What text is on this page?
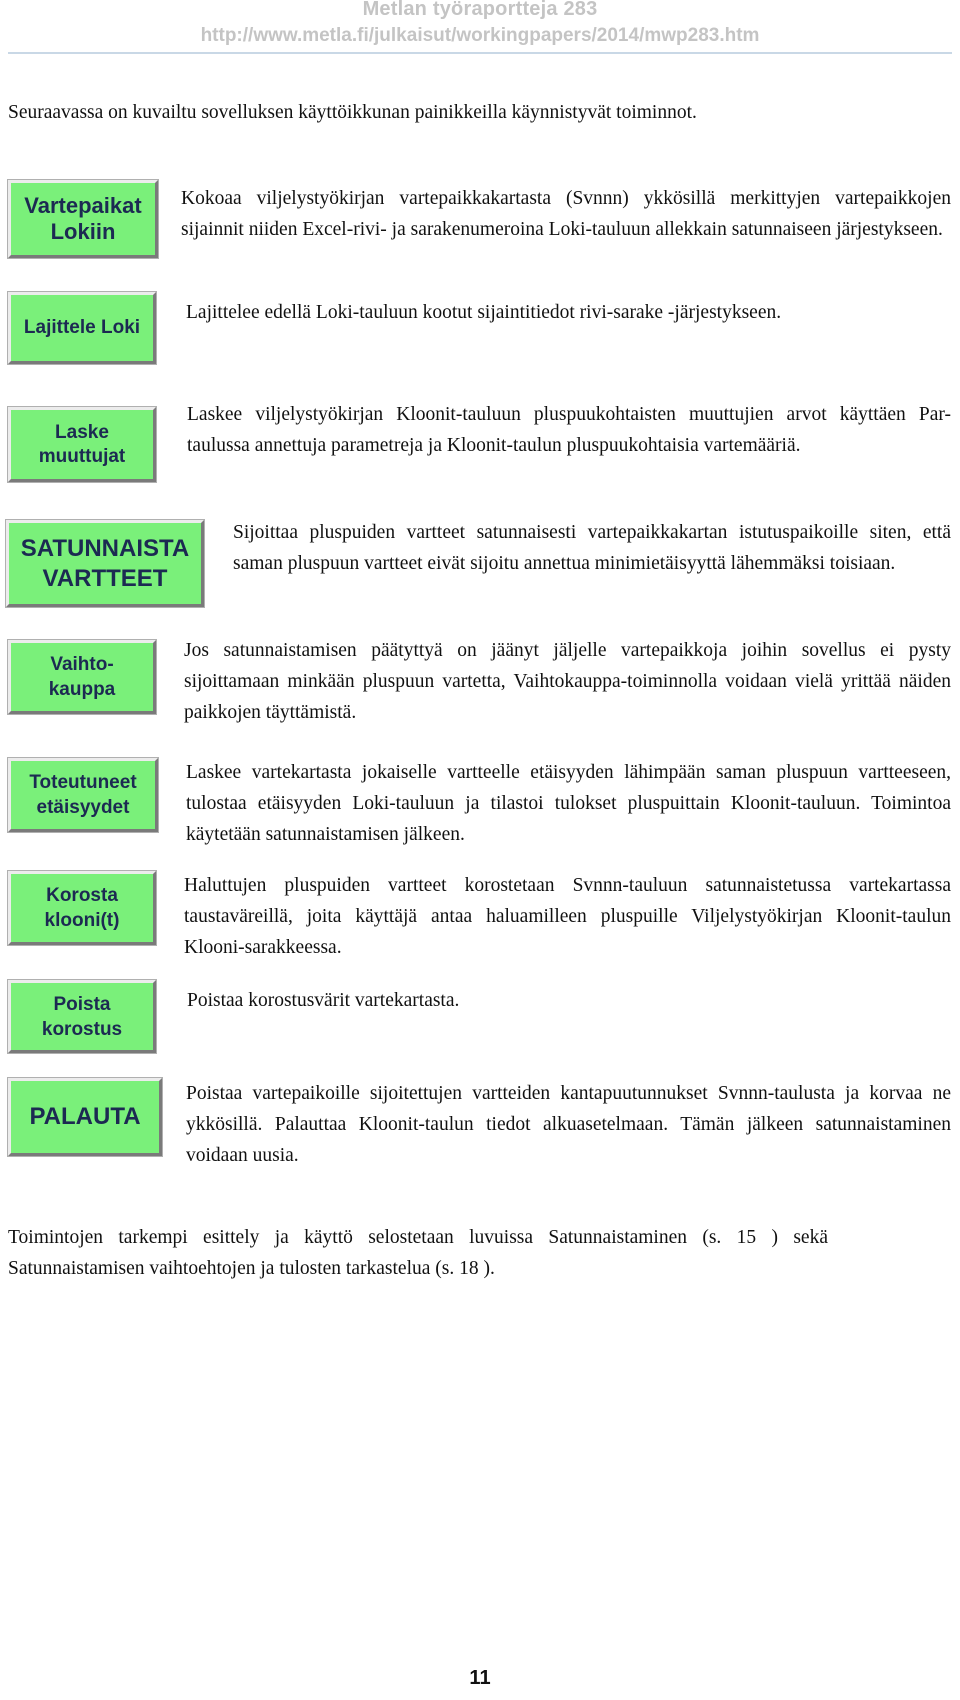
Metlan työraportteja 283
http://www.metla.fi/julkaisut/workingpapers/2014/mwp283.htm

Seuraavassa on kuvailtu sovelluksen käyttöikkunan painikkeilla käynnistyvät toiminnot.

Vartepaikat
Lokiin

Kokoaa viljelystyökirjan vartepaikkakartasta (Svnnn) ykkösillä merkittyjen vartepaikkojen sijainnit niiden Excel-rivi- ja sarakenumeroina Loki-tauluun allekkain satunnaiseen järjestykseen.

Lajittele Loki

Lajittelee edellä Loki-tauluun kootut sijaintitiedot rivi-sarake -järjestykseen.

Laske
muuttujat

Laskee viljelystyökirjan Kloonit-tauluun pluspuukohtaisten muuttujien arvot käyttäen Par-taulussa annettuja parametreja ja Kloonit-taulun pluspuukohtaisia vartemääriä.

SATUNNAISTA
VARTTEET

Sijoittaa pluspuiden vartteet satunnaisesti vartepaikkakartan istutuspaikoille siten, että saman pluspuun vartteet eivät sijoitu annettua minimietäisyyttä lähemmäksi toisiaan.

Vaihto-
kauppa

Jos satunnaistamisen päätyttyä on jäänyt jäljelle vartepaikkoja joihin sovellus ei pysty sijoittamaan minkään pluspuun vartetta, Vaihtokauppa-toiminnolla voidaan vielä yrittää näiden paikkojen täyttämistä.

Toteutuneet
etäisyydet

Laskee vartekartasta jokaiselle vartteelle etäisyyden lähimpään saman pluspuun vartteeseen, tulostaa etäisyyden Loki-tauluun ja tilastoi tulokset pluspuittain Kloonit-tauluun. Toimintoa käytetään satunnaistamisen jälkeen.

Korosta
klooni(t)

Haluttujen pluspuiden vartteet korostetaan Svnnn-tauluun satunnaistetussa vartekartassa taustaväreillä, joita käyttäjä antaa haluamilleen pluspuille Viljelystyökirjan Kloonit-taulun Klooni-sarakkeessa.

Poista
korostus

Poistaa korostusvärit vartekartasta.

PALAUTA

Poistaa vartepaikoille sijoitettujen vartteiden kantapuutunnukset Svnnn-taulusta ja korvaa ne ykkösillä. Palauttaa Kloonit-taulun tiedot alkuasetelmaan. Tämän jälkeen satunnaistaminen voidaan uusia.

Toimintojen tarkempi esittely ja käyttö selostetaan luvuissa Satunnaistaminen (s. 15 ) sekä Satunnaistamisen vaihtoehtojen ja tulosten tarkastelua (s. 18 ).

11
